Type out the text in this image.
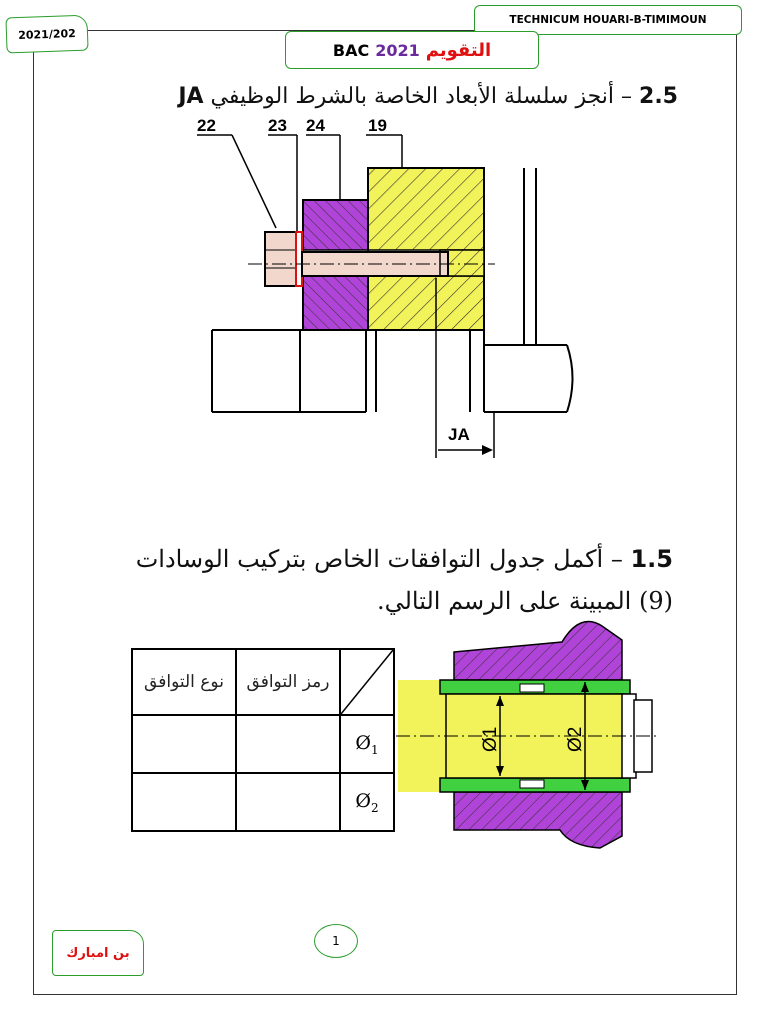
2021/202
TECHNICUM HOUARI-B-TIMIMOUN
BAC 2021 التقويم
2.5 – أنجز سلسلة الأبعاد الخاصة بالشرط الوظيفي JA
22	23 24	19
JA
1.5 – أكمل جدول التوافقات الخاص بتركيب الوسادات
(9) المبينة على الرسم التالي.
نوع التوافق	رمز التوافق	

		$Ø_1$
		$Ø_2$
Ø1	Ø2
1
بن امبارك
